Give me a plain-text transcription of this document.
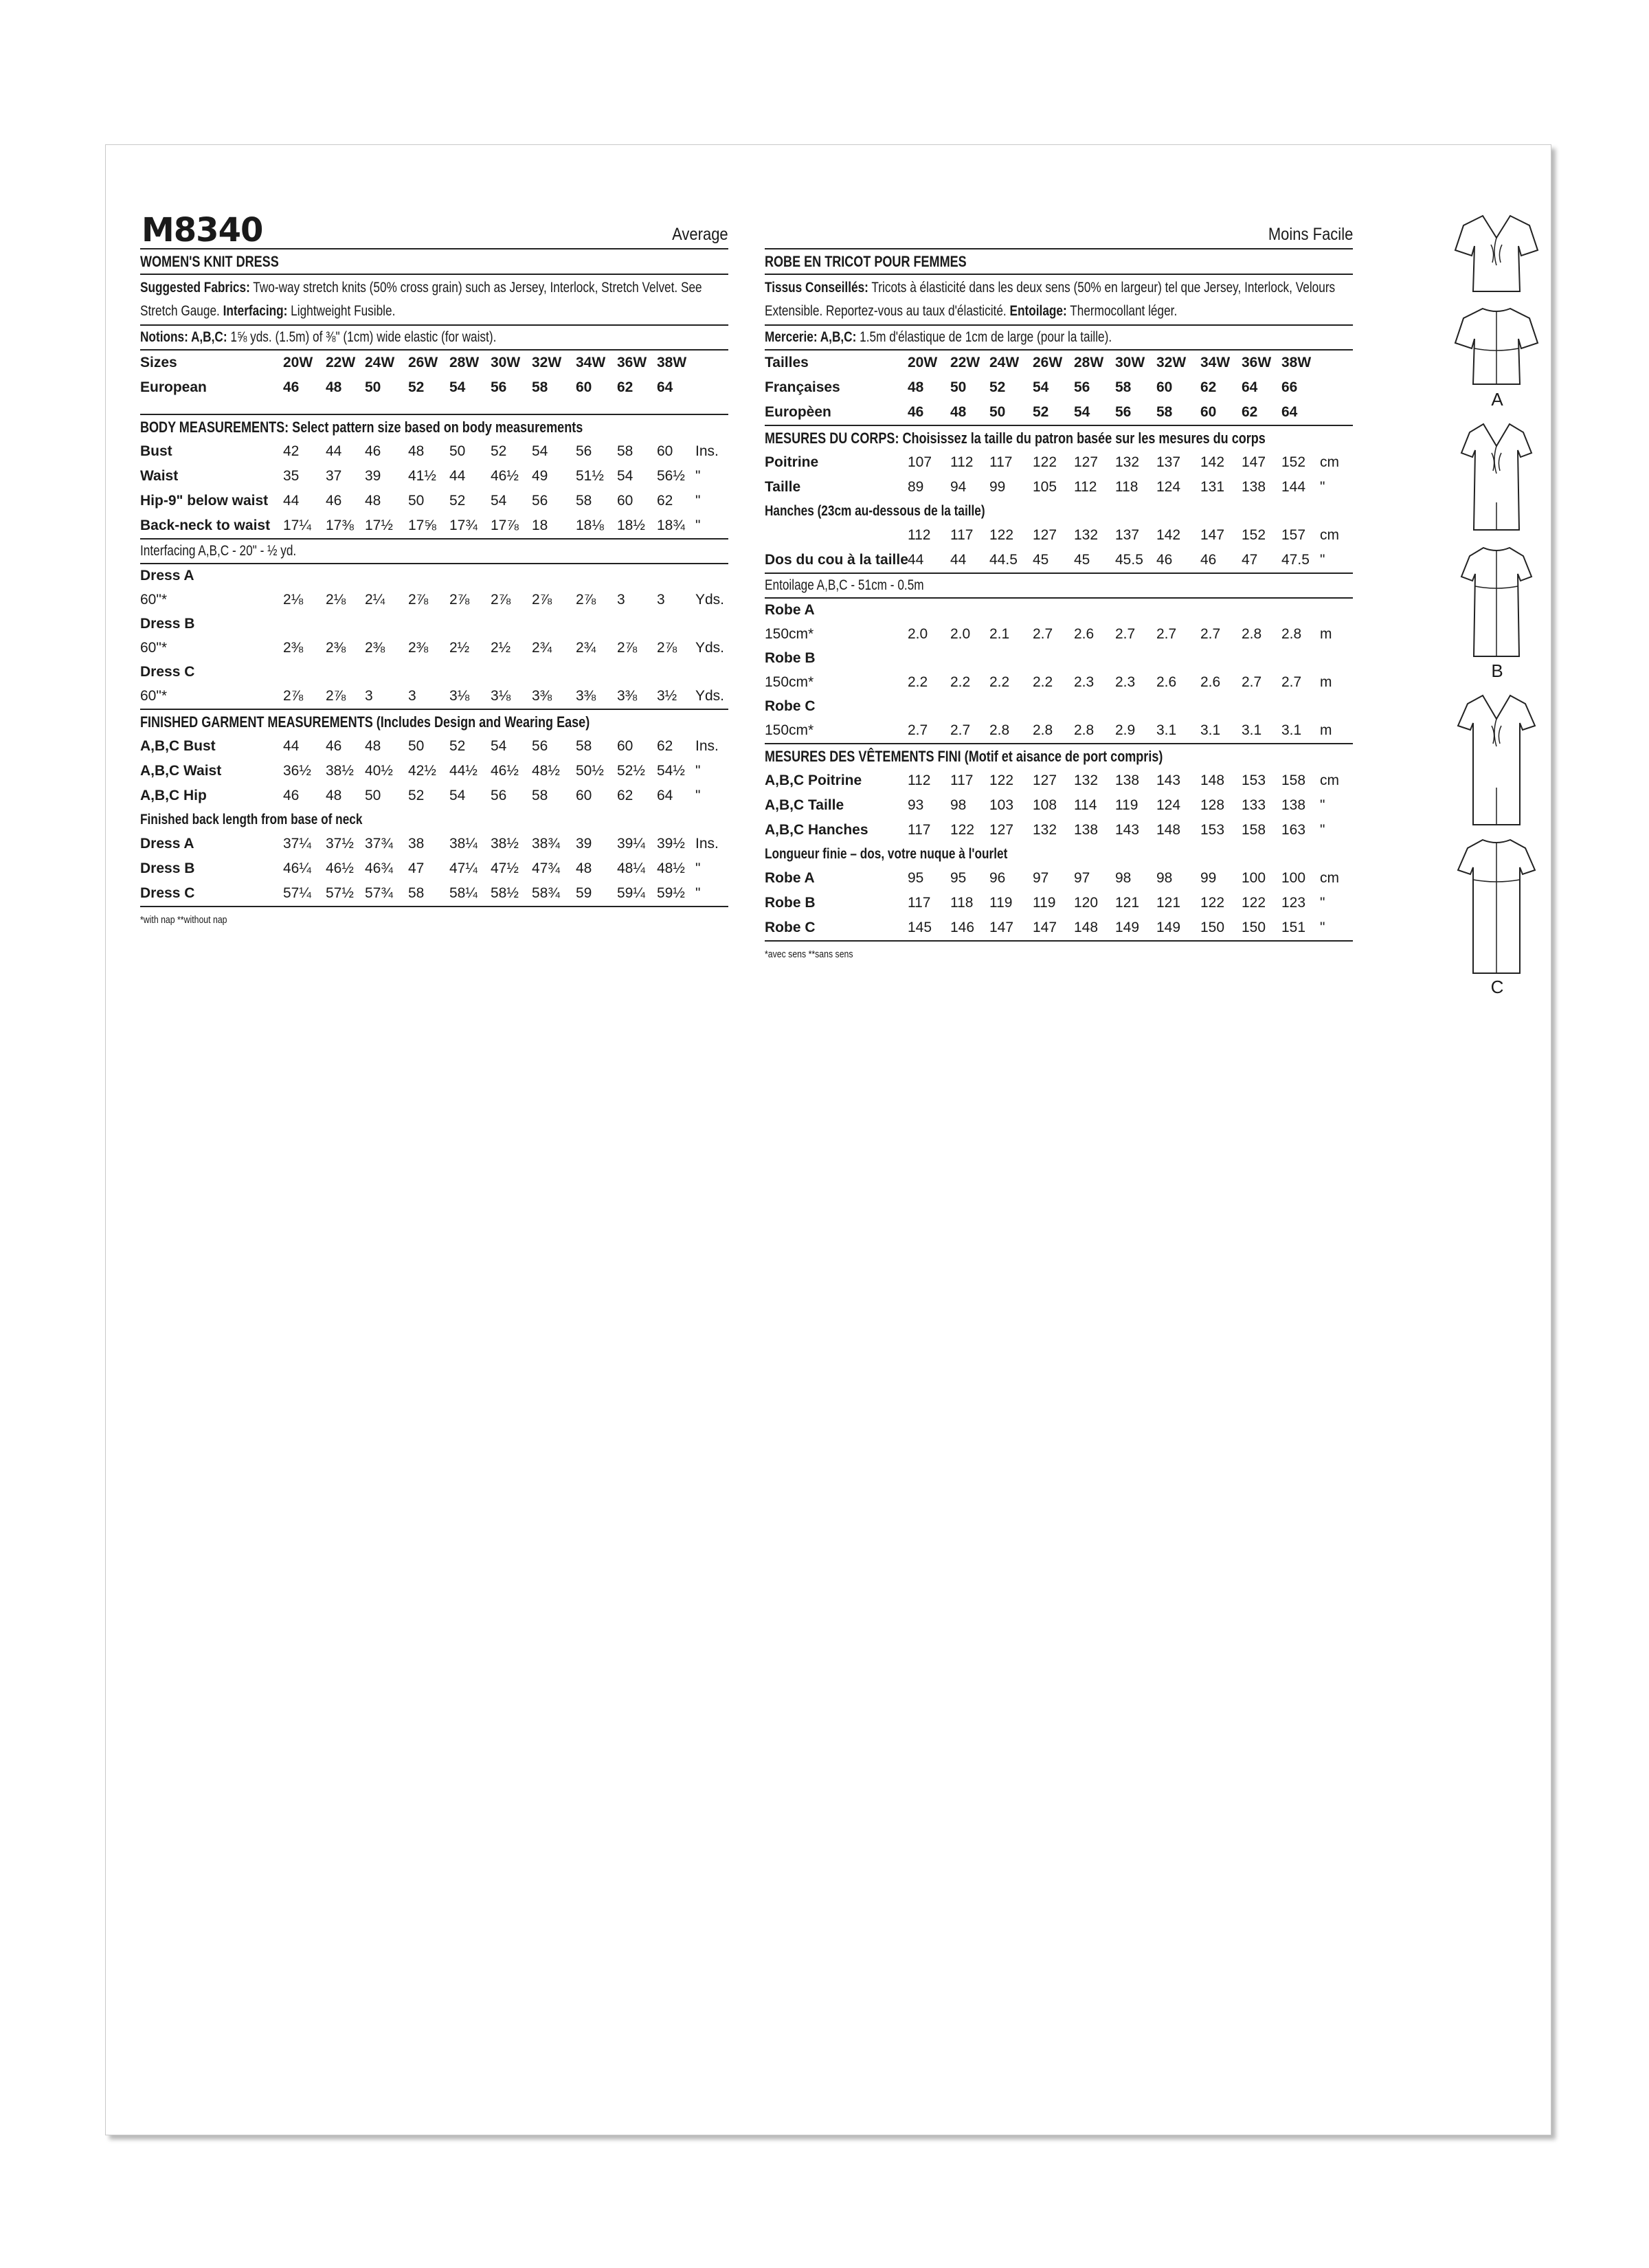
M8340	Average
WOMEN'S KNIT DRESS
Suggested Fabrics: Two-way stretch knits (50% cross grain) such as Jersey, Interlock, Stretch Velvet. See Stretch Gauge. Interfacing: Lightweight Fusible.
Notions: A,B,C: 1⅝ yds. (1.5m) of ⅜" (1cm) wide elastic (for waist).
Sizes	20W 22W 24W 26W 28W 30W 32W 34W 36W 38W
European	46 48 50 52 54 56 58 60 62 64
BODY MEASUREMENTS: Select pattern size based on body measurements
Bust	42 44 46 48 50 52 54 56 58 60 Ins.
Waist	35 37 39 41½ 44 46½ 49 51½ 54 56½ "
Hip-9" below waist 44 46 48 50 52 54 56 58 60 62 "
Back-neck to waist 17¼ 17⅜ 17½ 17⅝ 17¾ 17⅞ 18 18⅛ 18½ 18¾ "
Interfacing A,B,C - 20" - ½ yd.
Dress A
60"*	2⅛ 2⅛ 2¼ 2⅞ 2⅞ 2⅞ 2⅞ 2⅞ 3 3 Yds.
Dress B
60"*	2⅜ 2⅜ 2⅜ 2⅜ 2½ 2½ 2¾ 2¾ 2⅞ 2⅞ Yds.
Dress C
60"*	2⅞ 2⅞ 3 3 3⅛ 3⅛ 3⅜ 3⅜ 3⅜ 3½ Yds.
FINISHED GARMENT MEASUREMENTS (Includes Design and Wearing Ease)
A,B,C Bust	44 46 48 50 52 54 56 58 60 62 Ins.
A,B,C Waist	36½ 38½ 40½ 42½ 44½ 46½ 48½ 50½ 52½ 54½ "
A,B,C Hip	46 48 50 52 54 56 58 60 62 64 "
Finished back length from base of neck
Dress A	37¼ 37½ 37¾ 38 38¼ 38½ 38¾ 39 39¼ 39½ Ins.
Dress B	46¼ 46½ 46¾ 47 47¼ 47½ 47¾ 48 48¼ 48½ "
Dress C	57¼ 57½ 57¾ 58 58¼ 58½ 58¾ 59 59¼ 59½ "
*with nap **without nap
Moins Facile
ROBE EN TRICOT POUR FEMMES
Tissus Conseillés: Tricots à élasticité dans les deux sens (50% en largeur) tel que Jersey, Interlock, Velours Extensible. Reportez-vous au taux d'élasticité. Entoilage: Thermocollant léger.
Mercerie: A,B,C: 1.5m d'élastique de 1cm de large (pour la taille).
Tailles	20W 22W 24W 26W 28W 30W 32W 34W 36W 38W
Françaises	48 50 52 54 56 58 60 62 64 66
Europèen	46 48 50 52 54 56 58 60 62 64
MESURES DU CORPS: Choisissez la taille du patron basée sur les mesures du corps
Poitrine	107 112 117 122 127 132 137 142 147 152 cm
Taille	89 94 99 105 112 118 124 131 138 144 "
Hanches (23cm au-dessous de la taille)
112 117 122 127 132 137 142 147 152 157 cm
Dos du cou à la taille 44 44 44.5 45 45 45.5 46 46 47 47.5 "
Entoilage A,B,C - 51cm - 0.5m
Robe A
150cm*	2.0 2.0 2.1 2.7 2.6 2.7 2.7 2.7 2.8 2.8 m
Robe B
150cm*	2.2 2.2 2.2 2.2 2.3 2.3 2.6 2.6 2.7 2.7 m
Robe C
150cm*	2.7 2.7 2.8 2.8 2.8 2.9 3.1 3.1 3.1 3.1 m
MESURES DES VÊTEMENTS FINI (Motif et aisance de port compris)
A,B,C Poitrine	112 117 122 127 132 138 143 148 153 158 cm
A,B,C Taille	93 98 103 108 114 119 124 128 133 138 "
A,B,C Hanches	117 122 127 132 138 143 148 153 158 163 "
Longueur finie – dos, votre nuque à l'ourlet
Robe A	95 95 96 97 97 98 98 99 100 100 cm
Robe B	117 118 119 119 120 121 121 122 122 123 "
Robe C	145 146 147 147 148 149 149 150 150 151 "
*avec sens **sans sens
A
B
C
